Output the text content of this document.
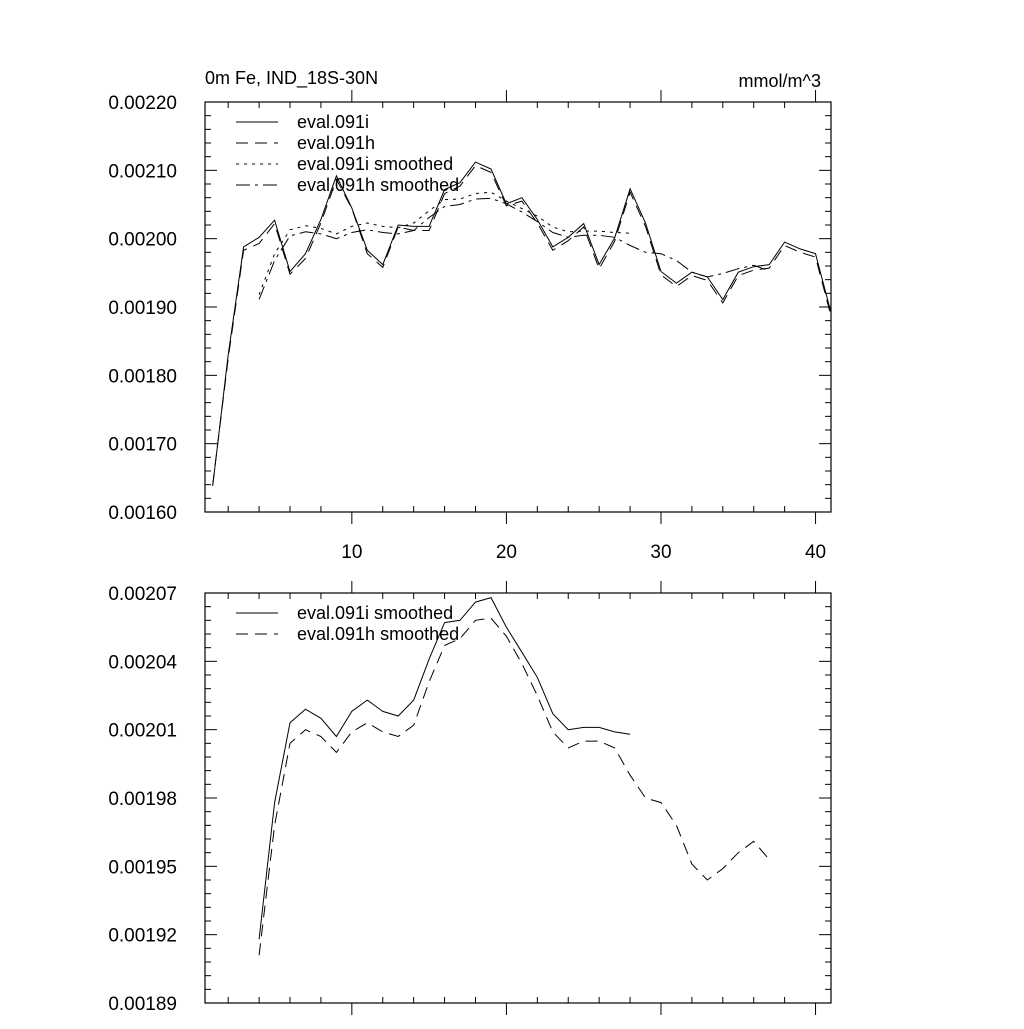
0.00160
0.00170
0.00180
0.00190
0.00200
0.00210
0.00220
10	20	30	40
0m Fe, IND_18S-30N	mmol/m^3
eval.091i
eval.091h
eval.091i smoothed
eval.091h smoothed
0.00189
0.00192
0.00195
0.00198
0.00201
0.00204
0.00207
eval.091i smoothed
eval.091h smoothed
